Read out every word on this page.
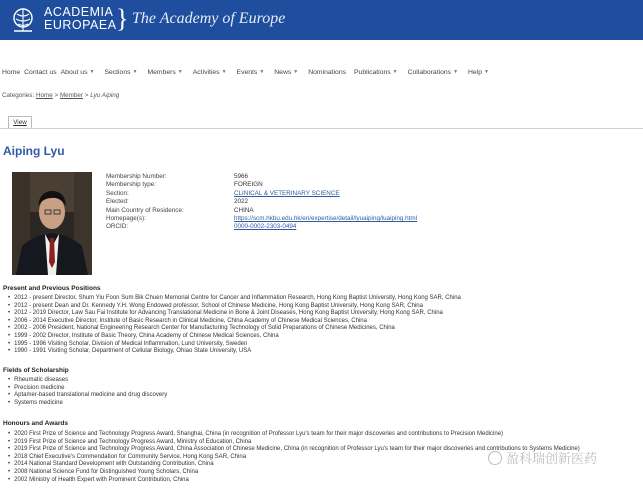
ACADEMIA
EUROPAEA } The Academy of Europe
Home Contact us About us ▼ Sections ▼ Members ▼ Activities ▼ Events ▼ News ▼ Nominations Publications ▼ Collaborations ▼ Help ▼
Categories: Home > Member > Lyu Aiping
View
Aiping Lyu
Membership Number:	5966
Membership type:	FOREIGN
Section:	CLINICAL & VETERINARY SCIENCE
Elected:	2022
Main Country of Residence:	CHINA
Homepage(s):	https://scm.hkbu.edu.hk/en/expertise/detail/lyuaiping/luaiping.html
ORCID:	0000-0002-2303-0494
Present and Previous Positions
• 2012 - present Director, Shum Yiu Foon Sum Bik Chuen Memorial Centre for Cancer and Inflammation Research, Hong Kong Baptist University, Hong Kong SAR, China
• 2012 - present Dean and Dr. Kennedy Y.H. Wong Endowed professor, School of Chinese Medicine, Hong Kong Baptist University, Hong Kong SAR, China
• 2012 - 2019 Director, Law Sau Fai Institute for Advancing Translational Medicine in Bone & Joint Diseases, Hong Kong Baptist University, Hong Kong SAR, China
• 2006 - 2014 Executive Director, Institute of Basic Research in Clinical Medicine, China Academy of Chinese Medical Sciences, China
• 2002 - 2006 President, National Engineering Research Center for Manufacturing Technology of Solid Preparations of Chinese Medicines, China
• 1999 - 2002 Director, Institute of Basic Theory, China Academy of Chinese Medical Sciences, China
• 1995 - 1996 Visiting Scholar, Division of Medical Inflammation, Lund University, Sweden
• 1990 - 1991 Visiting Scholar, Department of Cellular Biology, Ohiao State University, USA
Fields of Scholarship
• Rheumatic diseases
• Precision medicine
• Aptamer-based translational medicine and drug discovery
• Systems medicine
Honours and Awards
• 2020 First Prize of Science and Technology Progress Award, Shanghai, China (in recognition of Professor Lyu's team for their major discoveries and contributions to Precision Medicine)
• 2019 First Prize of Science and Technology Progress Award, Ministry of Education, China
• 2019 First Prize of Science and Technology Progress Award, China Association of Chinese Medicine, China (in recognition of Professor Lyu's team for their major discoveries and contributions to Systems Medicine)
• 2018 Chief Executive's Commendation for Community Service, Hong Kong SAR, China
• 2014 National Standard Development with Outstanding Contribution, China
• 2008 National Science Fund for Distinguished Young Scholars, China
• 2002 Ministry of Health Expert with Prominent Contribution, China
盈科瑞创新医药
